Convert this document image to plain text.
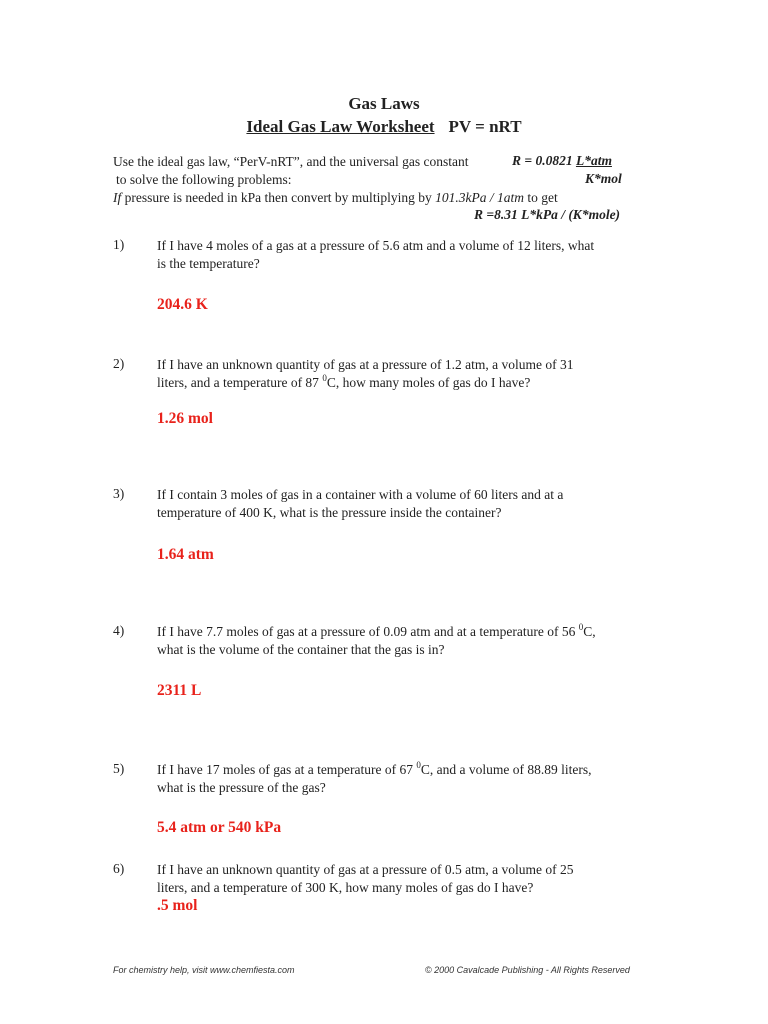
Gas Laws
Ideal Gas Law Worksheet PV = nRT
Use the ideal gas law, “PerV-nRT”, and the universal gas constant	R = 0.0821 L*atm
to solve the following problems:	K*mol
If pressure is needed in kPa then convert by multiplying by 101.3kPa / 1atm to get
R =8.31 L*kPa / (K*mole)
1) If I have 4 moles of a gas at a pressure of 5.6 atm and a volume of 12 liters, what
is the temperature?
204.6 K
2) If I have an unknown quantity of gas at a pressure of 1.2 atm, a volume of 31
liters, and a temperature of 87 $^0$C, how many moles of gas do I have?
1.26 mol
3) If I contain 3 moles of gas in a container with a volume of 60 liters and at a
temperature of 400 K, what is the pressure inside the container?
1.64 atm
4) If I have 7.7 moles of gas at a pressure of 0.09 atm and at a temperature of 56 $^0$C,
what is the volume of the container that the gas is in?
2311 L
5) If I have 17 moles of gas at a temperature of 67 $^0$C, and a volume of 88.89 liters,
what is the pressure of the gas?
5.4 atm or 540 kPa
6) If I have an unknown quantity of gas at a pressure of 0.5 atm, a volume of 25
liters, and a temperature of 300 K, how many moles of gas do I have?
.5 mol
For chemistry help, visit www.chemfiesta.com	© 2000 Cavalcade Publishing - All Rights Reserved
